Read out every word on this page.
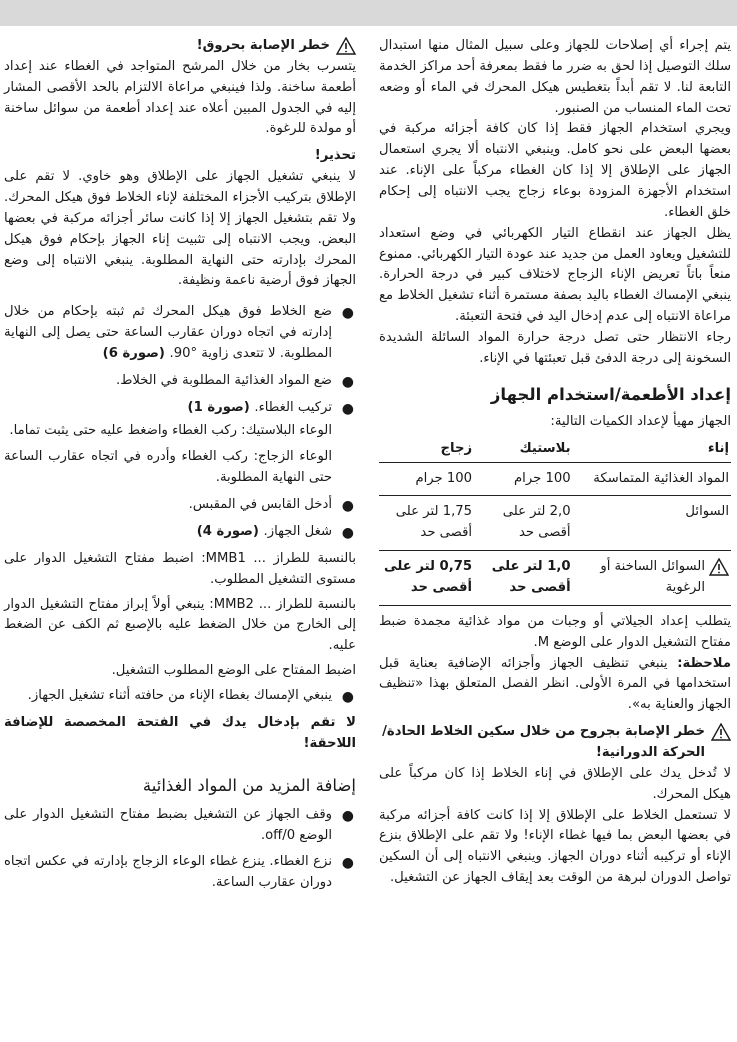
يتم إجراء أي إصلاحات للجهاز وعلى سبيل المثال منها استبدال سلك التوصيل إذا لحق به ضرر ما فقط بمعرفة أحد مراكز الخدمة التابعة لنا. لا تقم أبداً بتغطيس هيكل المحرك في الماء أو وضعه تحت الماء المنساب من الصنبور.

ويجري استخدام الجهاز فقط إذا كان كافة أجزائه مركبة في بعضها البعض على نحو كامل. وينبغي الانتباه ألا يجري استعمال الجهاز على الإطلاق إلا إذا كان الغطاء مركباً على الإناء. عند استخدام الأجهزة المزودة بوعاء زجاج يجب الانتباه إلى إحكام خلق الغطاء.

يظل الجهاز عند انقطاع التيار الكهربائي في وضع استعداد للتشغيل ويعاود العمل من جديد عند عودة التيار الكهربائي. ممنوع منعاً باتاً تعريض الإناء الزجاج لاختلاف كبير في درجة الحرارة. ينبغي الإمساك الغطاء باليد بصفة مستمرة أثناء تشغيل الخلاط مع مراعاة الانتباه إلى عدم إدخال اليد في فتحة التعبئة.

رجاء الانتظار حتى تصل درجة حرارة المواد السائلة الشديدة السخونة إلى درجة الدفئ قبل تعبئتها في الإناء.

إعداد الأطعمة/استخدام الجهاز

الجهاز مهيأ لإعداد الكميات التالية:

إناء	بلاستيك	زجاج
المواد الغذائية المتماسكة	100 جرام	100 جرام
السوائل	2,0 لتر على أقصى حد	1,75 لتر على أقصى حد

السوائل الساخنة أو الرغوية	1,0 لتر على أقصى حد	0,75 لتر على أقصى حد

يتطلب إعداد الجيلاتي أو وجبات من مواد غذائية مجمدة ضبط مفتاح التشغيل الدوار على الوضع M.

ملاحظة: ينبغي تنظيف الجهاز وأجزائه الإضافية بعناية قبل استخدامها في المرة الأولى. انظر الفصل المتعلق بهذا «تنظيف الجهاز والعناية به».

خطر الإصابة بجروح من خلال سكين الخلاط الحادة/الحركة الدورانية!

لا تُدخل يدك على الإطلاق في إناء الخلاط إذا كان مركباً على هيكل المحرك.

لا تستعمل الخلاط على الإطلاق إلا إذا كانت كافة أجزائه مركبة في بعضها البعض بما فيها غطاء الإناء! ولا تقم على الإطلاق بنزع الإناء أو تركيبه أثناء دوران الجهاز. وينبغي الانتباه إلى أن السكين تواصل الدوران لبرهة من الوقت بعد إيقاف الجهاز عن التشغيل.

خطر الإصابة بحروق!

يتسرب بخار من خلال المرشح المتواجد في الغطاء عند إعداد أطعمة ساخنة. ولذا فينبغي مراعاة الالتزام بالحد الأقصى المشار إليه في الجدول المبين أعلاه عند إعداد أطعمة من سوائل ساخنة أو مولدة للرغوة.

تحذير!

لا ينبغي تشغيل الجهاز على الإطلاق وهو خاوي. لا تقم على الإطلاق بتركيب الأجزاء المختلفة لإناء الخلاط فوق هيكل المحرك. ولا تقم بتشغيل الجهاز إلا إذا كانت سائر أجزائه مركبة في بعضها البعض. ويجب الانتباه إلى تثبيت إناء الجهاز بإحكام فوق هيكل المحرك بإدارته حتى النهاية المطلوبة. ينبغي الانتباه إلى وضع الجهاز فوق أرضية ناعمة ونظيفة.

●
ضع الخلاط فوق هيكل المحرك ثم ثبته بإحكام من خلال إدارته في اتجاه دوران عقارب الساعة حتى يصل إلى النهاية المطلوبة. لا تتعدى زاوية °90. (صورة 6)
●
ضع المواد الغذائية المطلوبة في الخلاط.
●
تركيب الغطاء. (صورة 1)
الوعاء البلاستيك: ركب الغطاء واضغط عليه حتى يثبت تماما.
الوعاء الزجاج: ركب الغطاء وأدره في اتجاه عقارب الساعة حتى النهاية المطلوبة.
●
أدخل القابس في المقبس.
●
شغل الجهاز. (صورة 4)

بالنسبة للطراز ... MMB1: اضبط مفتاح التشغيل الدوار على مستوى التشغيل المطلوب.

بالنسبة للطراز ... MMB2: ينبغي أولاً إبراز مفتاح التشغيل الدوار إلى الخارج من خلال الضغط عليه بالإصبع ثم الكف عن الضغط عليه.

اضبط المفتاح على الوضع المطلوب التشغيل.

●
ينبغي الإمساك بغطاء الإناء من حافته أثناء تشغيل الجهاز.

لا تقم بإدخال يدك في الفتحة المخصصة للإضافة اللاحقة!

إضافة المزيد من المواد الغذائية
●
وقف الجهاز عن التشغيل بضبط مفتاح التشغيل الدوار على الوضع off/0.
●
نزع الغطاء. ينزع غطاء الوعاء الزجاج بإدارته في عكس اتجاه دوران عقارب الساعة.
